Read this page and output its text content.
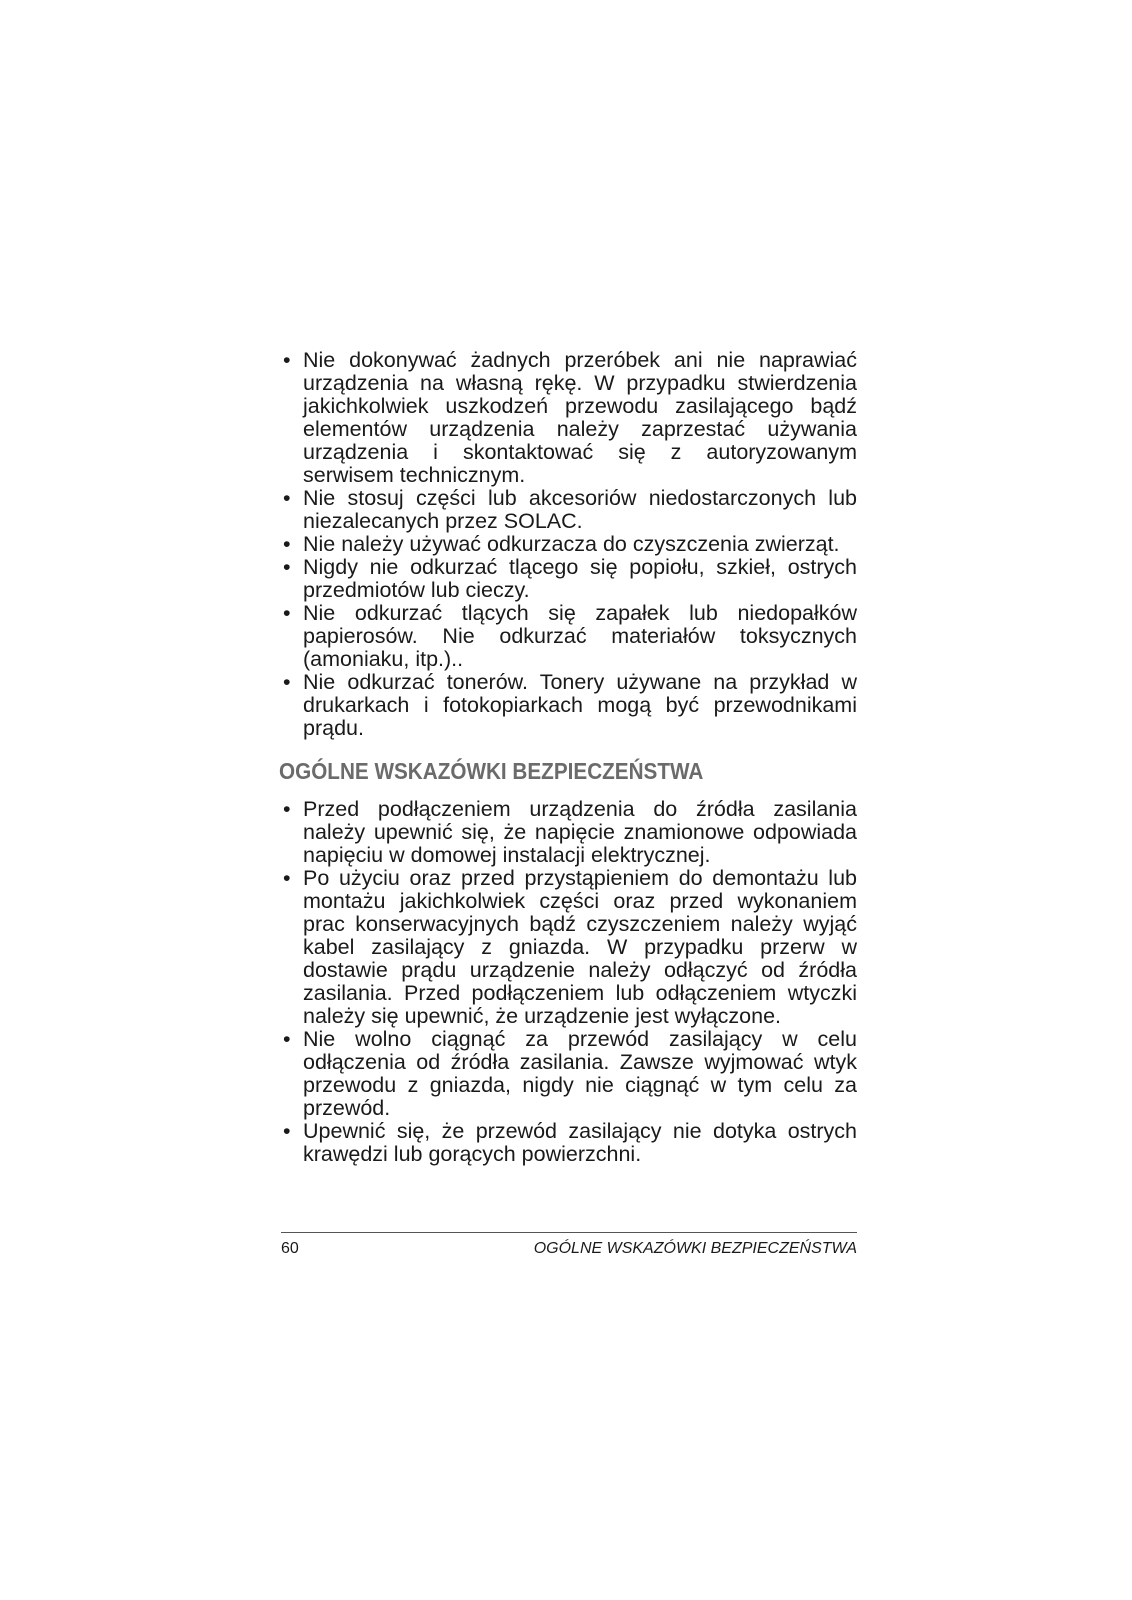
• Nie dokonywać żadnych przeróbek ani nie naprawiać urządzenia na własną rękę. W przypadku stwierdzenia jakichkolwiek uszkodzeń przewodu zasilającego bądź elementów urządzenia należy zaprzestać używania urządzenia i skontaktować się z autoryzowanym serwisem technicznym.
• Nie stosuj części lub akcesoriów niedostarczonych lub niezalecanych przez SOLAC.
• Nie należy używać odkurzacza do czyszczenia zwierząt.
• Nigdy nie odkurzać tlącego się popiołu, szkieł, ostrych przedmiotów lub cieczy.
• Nie odkurzać tlących się zapałek lub niedopałków papierosów. Nie odkurzać materiałów toksycznych (amoniaku, itp.)..
• Nie odkurzać tonerów. Tonery używane na przykład w drukarkach i fotokopiarkach mogą być przewodnikami prądu.
OGÓLNE WSKAZÓWKI BEZPIECZEŃSTWA
• Przed podłączeniem urządzenia do źródła zasilania należy upewnić się, że napięcie znamionowe odpowiada napięciu w domowej instalacji elektrycznej.
• Po użyciu oraz przed przystąpieniem do demontażu lub montażu jakichkolwiek części oraz przed wykonaniem prac konserwacyjnych bądź czyszczeniem należy wyjąć kabel zasilający z gniazda. W przypadku przerw w dostawie prądu urządzenie należy odłączyć od źródła zasilania. Przed podłączeniem lub odłączeniem wtyczki należy się upewnić, że urządzenie jest wyłączone.
• Nie wolno ciągnąć za przewód zasilający w celu odłączenia od źródła zasilania. Zawsze wyjmować wtyk przewodu z gniazda, nigdy nie ciągnąć w tym celu za przewód.
• Upewnić się, że przewód zasilający nie dotyka ostrych krawędzi lub gorących powierzchni.
60	OGÓLNE WSKAZÓWKI BEZPIECZEŃSTWA
